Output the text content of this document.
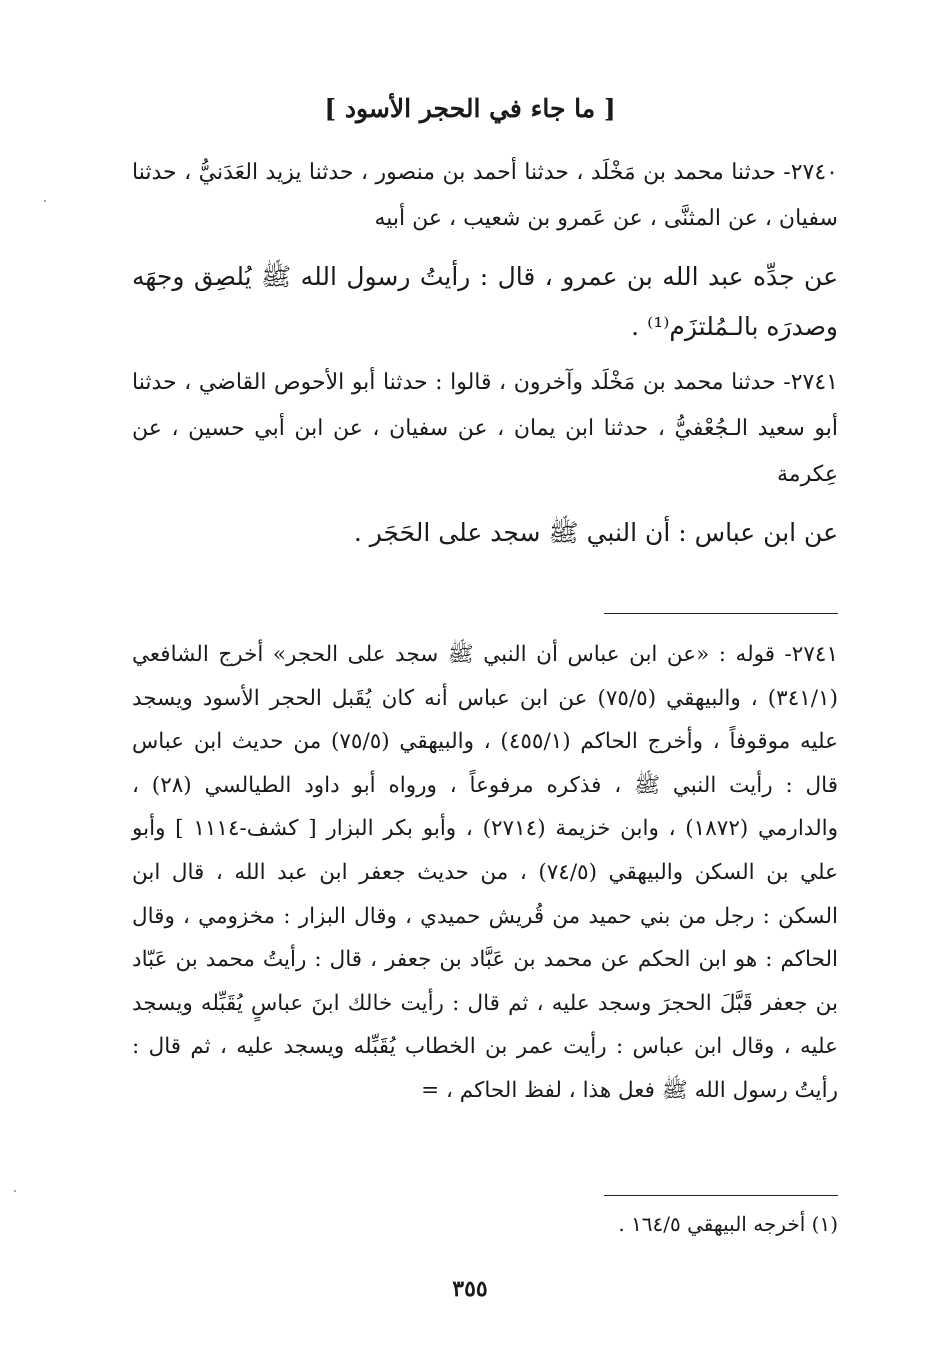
[ ما جاء في الحجر الأسود ]

٢٧٤٠- حدثنا محمد بن مَخْلَد ، حدثنا أحمد بن منصور ، حدثنا يزيد العَدَنيُّ ، حدثنا سفيان ، عن المثنَّى ، عن عَمرو بن شعيب ، عن أبيه

عن جدِّه عبد الله بن عمرو ، قال : رأيتُ رسول الله ﷺ يُلصِق وجهَه وصدرَه بالـمُلتزَم⁽¹⁾ .

٢٧٤١- حدثنا محمد بن مَخْلَد وآخرون ، قالوا : حدثنا أبو الأحوص القاضي ، حدثنا أبو سعيد الـجُعْفيُّ ، حدثنا ابن يمان ، عن سفيان ، عن ابن أبي حسين ، عن عِكرمة

عن ابن عباس : أن النبي ﷺ سجد على الحَجَر .

٢٧٤١- قوله : «عن ابن عباس أن النبي ﷺ سجد على الحجر» أخرج الشافعي (٣٤١/١) ، والبيهقي (٧٥/٥) عن ابن عباس أنه كان يُقَبل الحجر الأسود ويسجد عليه موقوفاً ، وأخرج الحاكم (٤٥٥/١) ، والبيهقي (٧٥/٥) من حديث ابن عباس قال : رأيت النبي ﷺ ، فذكره مرفوعاً ، ورواه أبو داود الطيالسي (٢٨) ، والدارمي (١٨٧٢) ، وابن خزيمة (٢٧١٤) ، وأبو بكر البزار [ كشف-١١١٤ ] وأبو علي بن السكن والبيهقي (٧٤/٥) ، من حديث جعفر ابن عبد الله ، قال ابن السكن : رجل من بني حميد من قُريش حميدي ، وقال البزار : مخزومي ، وقال الحاكم : هو ابن الحكم عن محمد بن عَبَّاد بن جعفر ، قال : رأيتُ محمد بن عَبّاد بن جعفر قَبَّلَ الحجرَ وسجد عليه ، ثم قال : رأيت خالك ابنَ عباسٍ يُقَبِّله ويسجد عليه ، وقال ابن عباس : رأيت عمر بن الخطاب يُقَبِّله ويسجد عليه ، ثم قال : رأيتُ رسول الله ﷺ فعل هذا ، لفظ الحاكم ، =

(١) أخرجه البيهقي ١٦٤/٥ .

٣٥٥
